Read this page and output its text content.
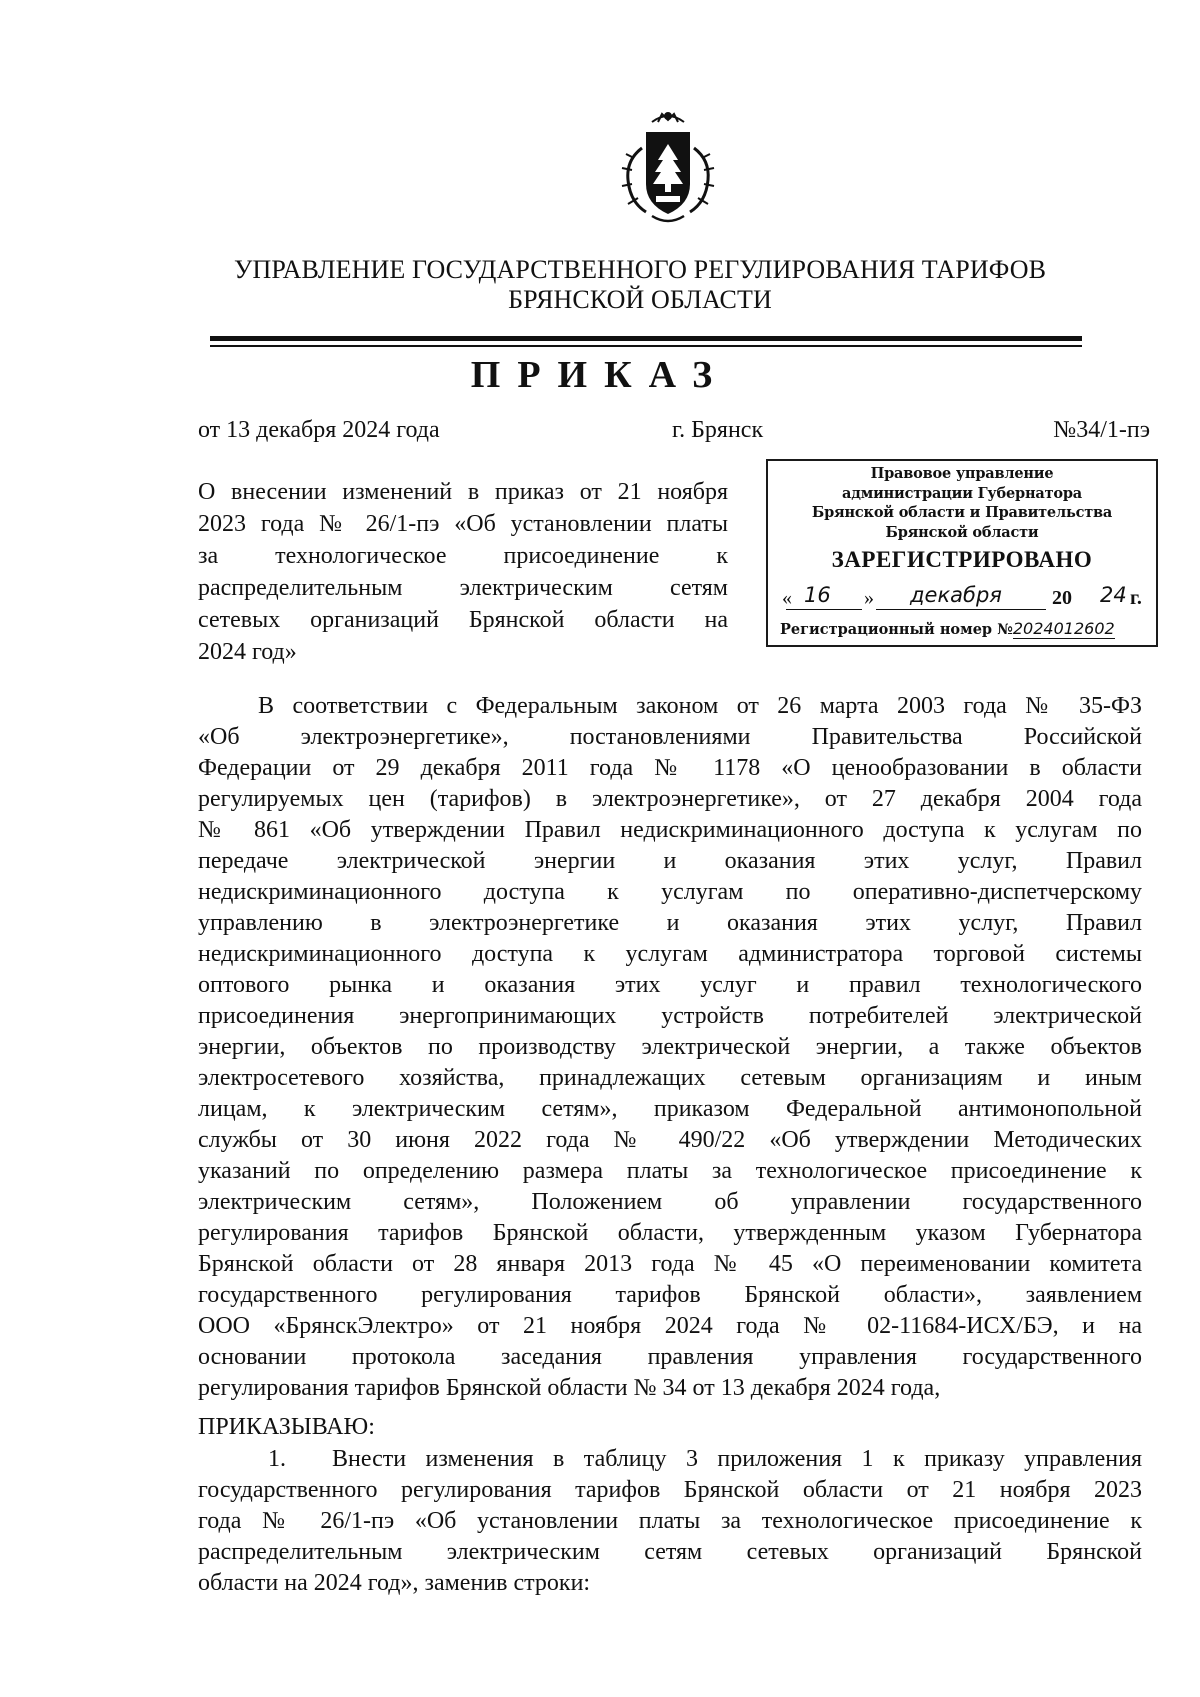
УПРАВЛЕНИЕ ГОСУДАРСТВЕННОГО РЕГУЛИРОВАНИЯ ТАРИФОВ
БРЯНСКОЙ ОБЛАСТИ
ПРИКАЗ
от 13 декабря 2024 года	г. Брянск	№34/1-пэ
О внесении изменений в приказ от 21 ноября
2023 года № 26/1-пэ «Об установлении платы
за технологическое присоединение к
распределительным электрическим сетям
сетевых организаций Брянской области на
2024 год»
Правовое управление
администрации Губернатора
Брянской области и Правительства
Брянской области
ЗАРЕГИСТРИРОВАНО
« 16 » декабря	20 24 г.
Регистрационный номер №2024012602
В соответствии с Федеральным законом от 26 марта 2003 года № 35-ФЗ
«Об электроэнергетике», постановлениями Правительства Российской
Федерации от 29 декабря 2011 года № 1178 «О ценообразовании в области
регулируемых цен (тарифов) в электроэнергетике», от 27 декабря 2004 года
№ 861 «Об утверждении Правил недискриминационного доступа к услугам по
передаче электрической энергии и оказания этих услуг, Правил
недискриминационного доступа к услугам по оперативно-диспетчерскому
управлению в электроэнергетике и оказания этих услуг, Правил
недискриминационного доступа к услугам администратора торговой системы
оптового рынка и оказания этих услуг и правил технологического
присоединения энергопринимающих устройств потребителей электрической
энергии, объектов по производству электрической энергии, а также объектов
электросетевого хозяйства, принадлежащих сетевым организациям и иным
лицам, к электрическим сетям», приказом Федеральной антимонопольной
службы от 30 июня 2022 года № 490/22 «Об утверждении Методических
указаний по определению размера платы за технологическое присоединение к
электрическим сетям», Положением об управлении государственного
регулирования тарифов Брянской области, утвержденным указом Губернатора
Брянской области от 28 января 2013 года № 45 «О переименовании комитета
государственного регулирования тарифов Брянской области», заявлением
ООО «БрянскЭлектро» от 21 ноября 2024 года № 02-11684-ИСХ/БЭ, и на
основании протокола заседания правления управления государственного
регулирования тарифов Брянской области № 34 от 13 декабря 2024 года,
ПРИКАЗЫВАЮ:
1. Внести изменения в таблицу 3 приложения 1 к приказу управления
государственного регулирования тарифов Брянской области от 21 ноября 2023
года № 26/1-пэ «Об установлении платы за технологическое присоединение к
распределительным электрическим сетям сетевых организаций Брянской
области на 2024 год», заменив строки:
